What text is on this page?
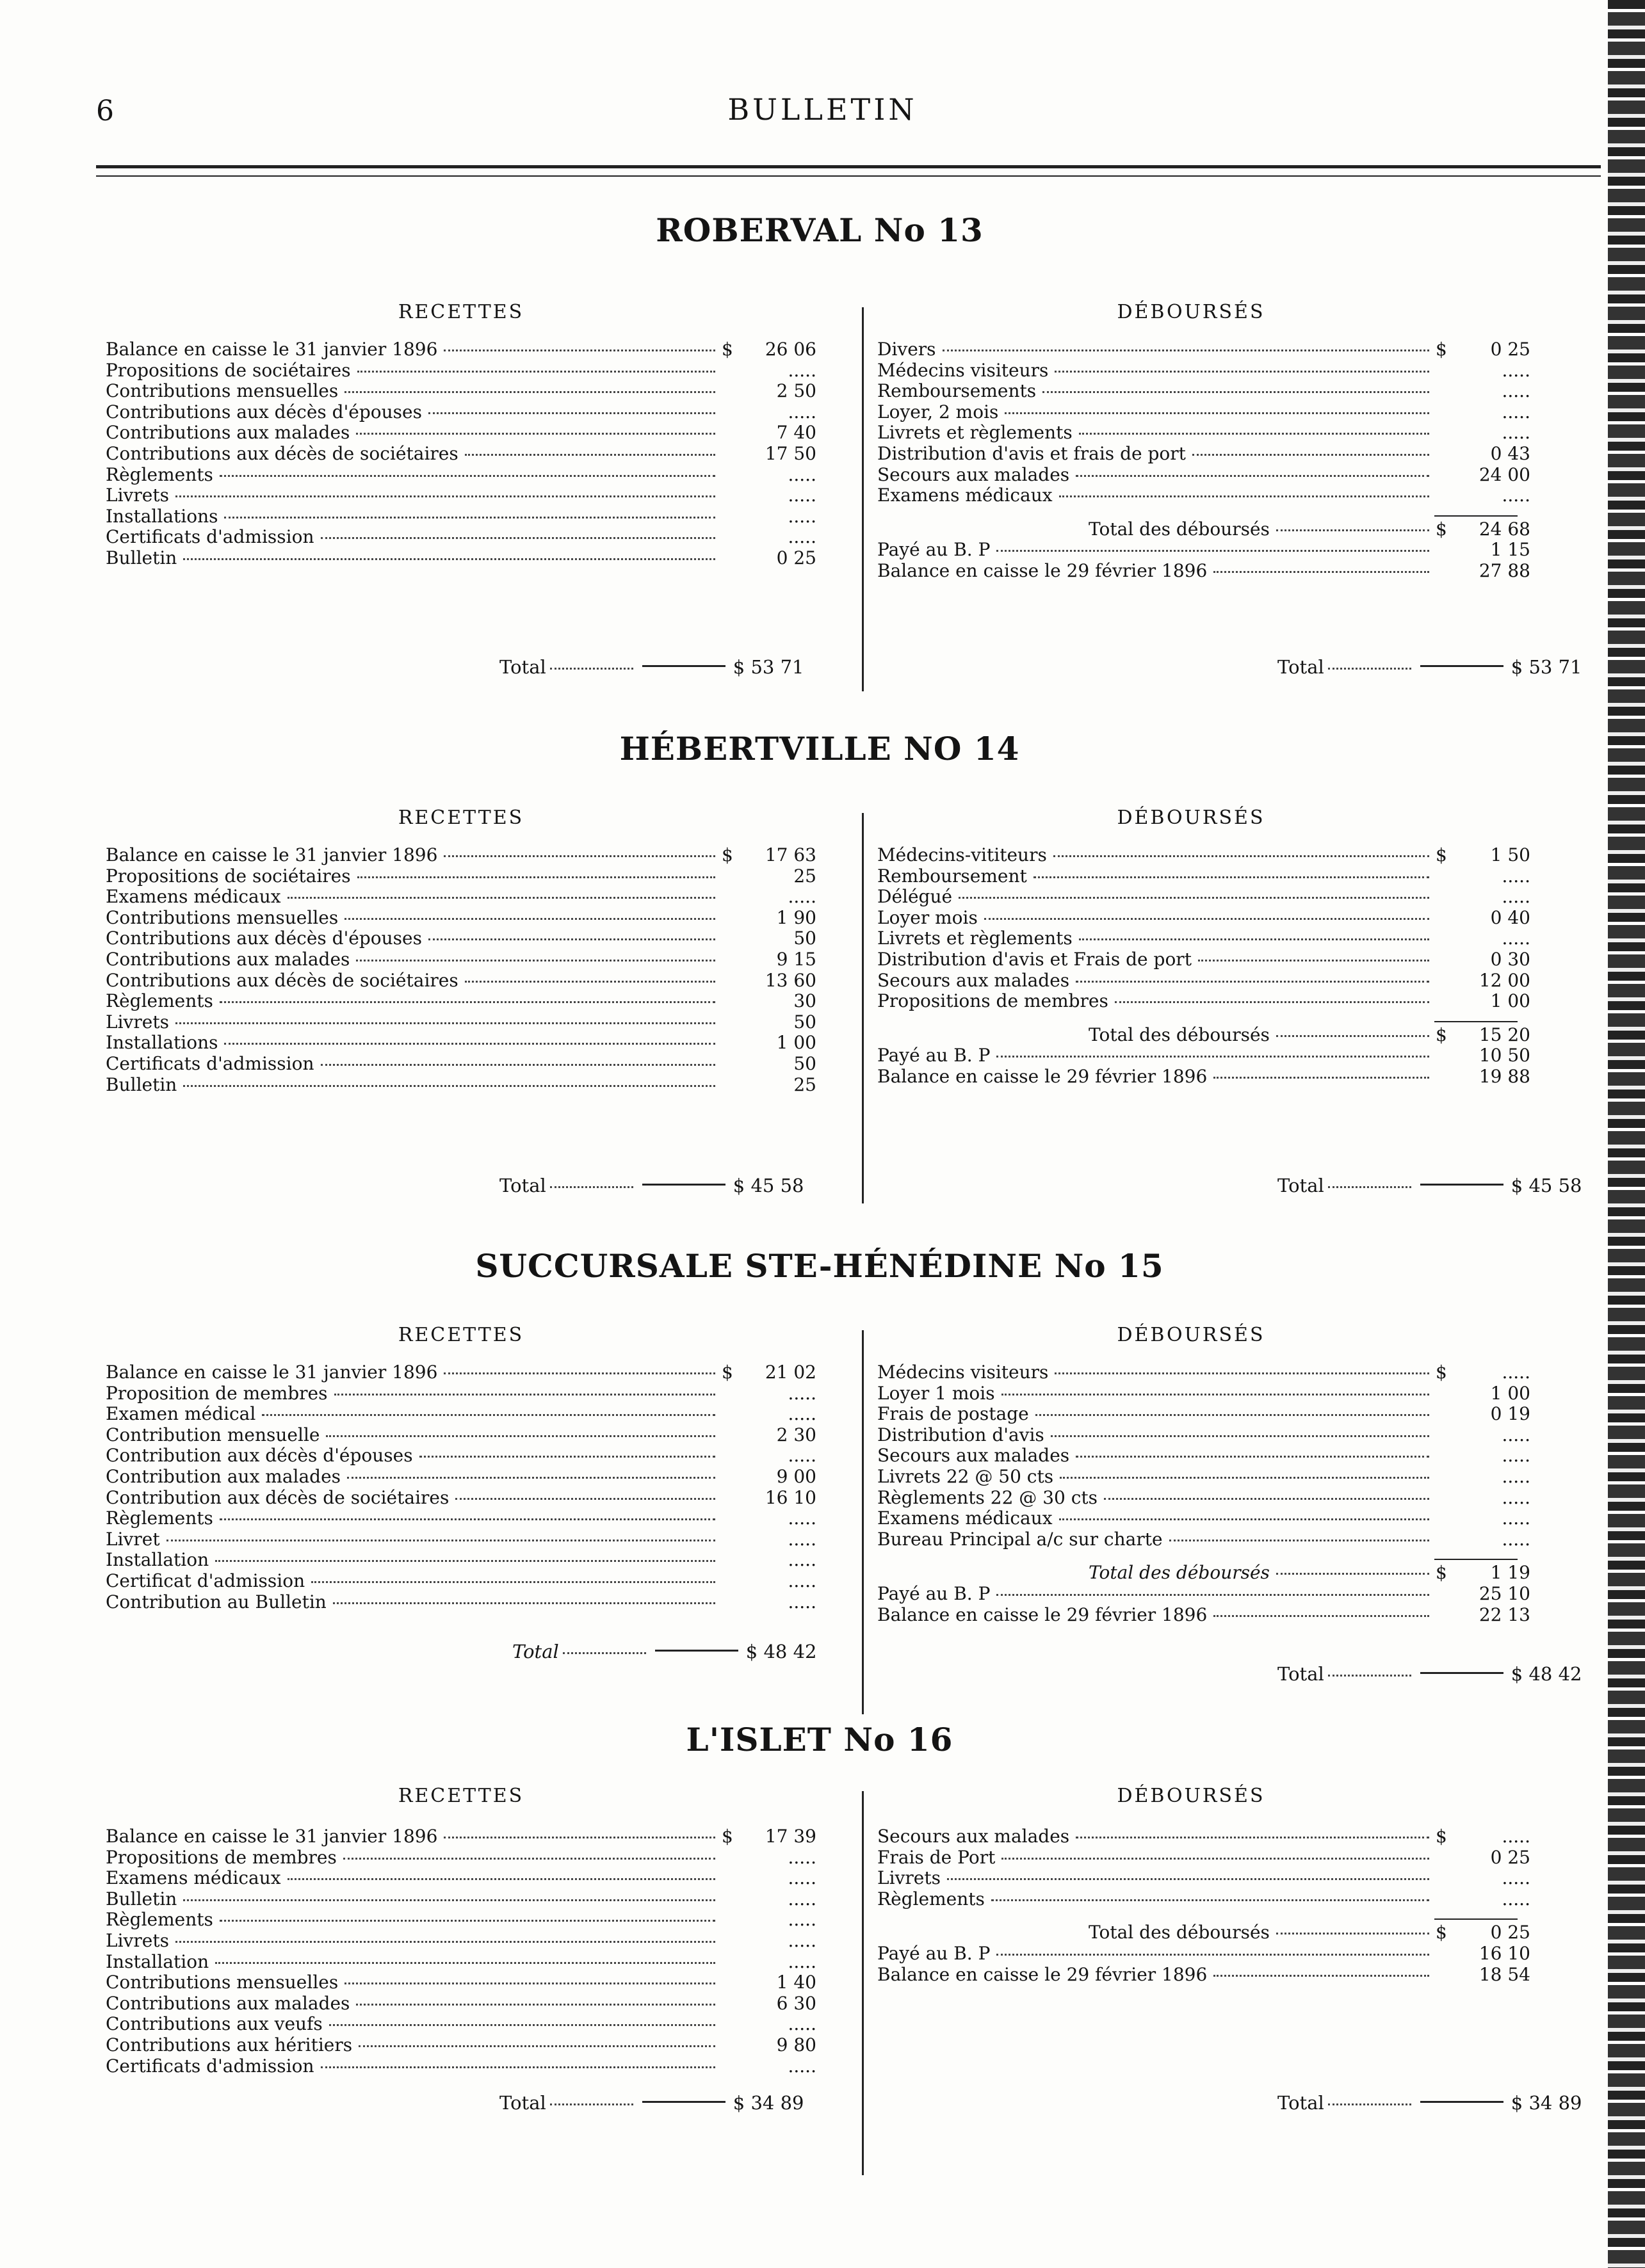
6	BULLETIN
ROBERVAL No 13
RECETTES	DÉBOURSÉS
Balance en caisse le 31 janvier 1896	$	26 06
Propositions de sociétaires	.....
Contributions mensuelles	2 50
Contributions aux décès d'épouses	.....
Contributions aux malades	7 40
Contributions aux décès de sociétaires	17 50
Règlements	.....
Livrets	.....
Installations	.....
Certificats d'admission	.....
Bulletin	0 25
Divers	$	0 25
Médecins visiteurs	.....
Remboursements	.....
Loyer, 2 mois	.....
Livrets et règlements	.....
Distribution d'avis et frais de port	0 43
Secours aux malades	24 00
Examens médicaux	.....
Total des déboursés	$	24 68
Payé au B. P	1 15
Balance en caisse le 29 février 1896	27 88
Total	$ 53 71	Total	$ 53 71
HÉBERTVILLE NO 14
RECETTES	DÉBOURSÉS
Balance en caisse le 31 janvier 1896	$	17 63
Propositions de sociétaires	25
Examens médicaux	.....
Contributions mensuelles	1 90
Contributions aux décès d'épouses	50
Contributions aux malades	9 15
Contributions aux décès de sociétaires	13 60
Règlements	30
Livrets	50
Installations	1 00
Certificats d'admission	50
Bulletin	25
Médecins-vititeurs	$	1 50
Remboursement	.....
Délégué	.....
Loyer mois	0 40
Livrets et règlements	.....
Distribution d'avis et Frais de port	0 30
Secours aux malades	12 00
Propositions de membres	1 00
Total des déboursés	$	15 20
Payé au B. P	10 50
Balance en caisse le 29 février 1896	19 88
Total	$ 45 58	Total	$ 45 58
SUCCURSALE STE-HÉNÉDINE No 15
RECETTES	DÉBOURSÉS
Balance en caisse le 31 janvier 1896	$	21 02
Proposition de membres	.....
Examen médical	.....
Contribution mensuelle	2 30
Contribution aux décès d'épouses	.....
Contribution aux malades	9 00
Contribution aux décès de sociétaires	16 10
Règlements	.....
Livret	.....
Installation	.....
Certificat d'admission	.....
Contribution au Bulletin	.....
Médecins visiteurs	$	.....
Loyer 1 mois	1 00
Frais de postage	0 19
Distribution d'avis	.....
Secours aux malades	.....
Livrets 22 @ 50 cts	.....
Règlements 22 @ 30 cts	.....
Examens médicaux	.....
Bureau Principal a/c sur charte	.....
Total des déboursés	$	1 19
Payé au B. P	25 10
Balance en caisse le 29 février 1896	22 13
Total	$ 48 42
Total	$ 48 42
L'ISLET No 16
RECETTES	DÉBOURSÉS
Balance en caisse le 31 janvier 1896	$	17 39
Propositions de membres	.....
Examens médicaux	.....
Bulletin	.....
Règlements	.....
Livrets	.....
Installation	.....
Contributions mensuelles	1 40
Contributions aux malades	6 30
Contributions aux veufs	.....
Contributions aux héritiers	9 80
Certificats d'admission	.....
Secours aux malades	$	.....
Frais de Port	0 25
Livrets	.....
Règlements	.....
Total des déboursés	$	0 25
Payé au B. P	16 10
Balance en caisse le 29 février 1896	18 54
Total	$ 34 89	Total	$ 34 89
